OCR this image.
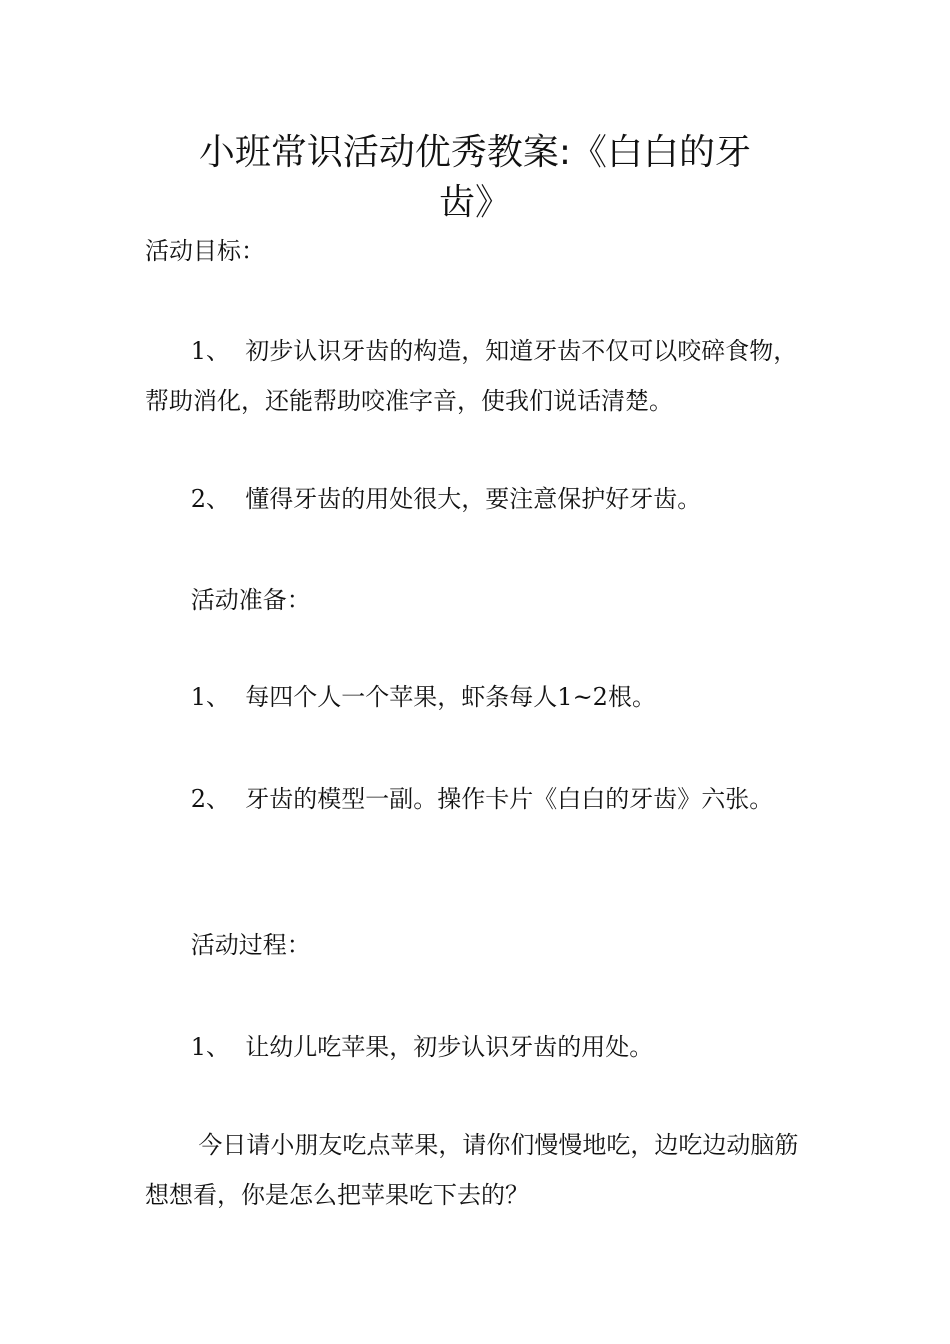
小班常识活动优秀教案:《白白的牙
齿》

活动目标：

1、  初步认识牙齿的构造，知道牙齿不仅可以咬碎食物，帮助消化，还能帮助咬准字音，使我们说话清楚。

2、  懂得牙齿的用处很大，要注意保护好牙齿。

活动准备：

1、  每四个人一个苹果，虾条每人1~2根。

2、  牙齿的模型一副。操作卡片《白白的牙齿》六张。

活动过程：

1、  让幼儿吃苹果，初步认识牙齿的用处。

今日请小朋友吃点苹果，请你们慢慢地吃，边吃边动脑筋想想看，你是怎么把苹果吃下去的？
